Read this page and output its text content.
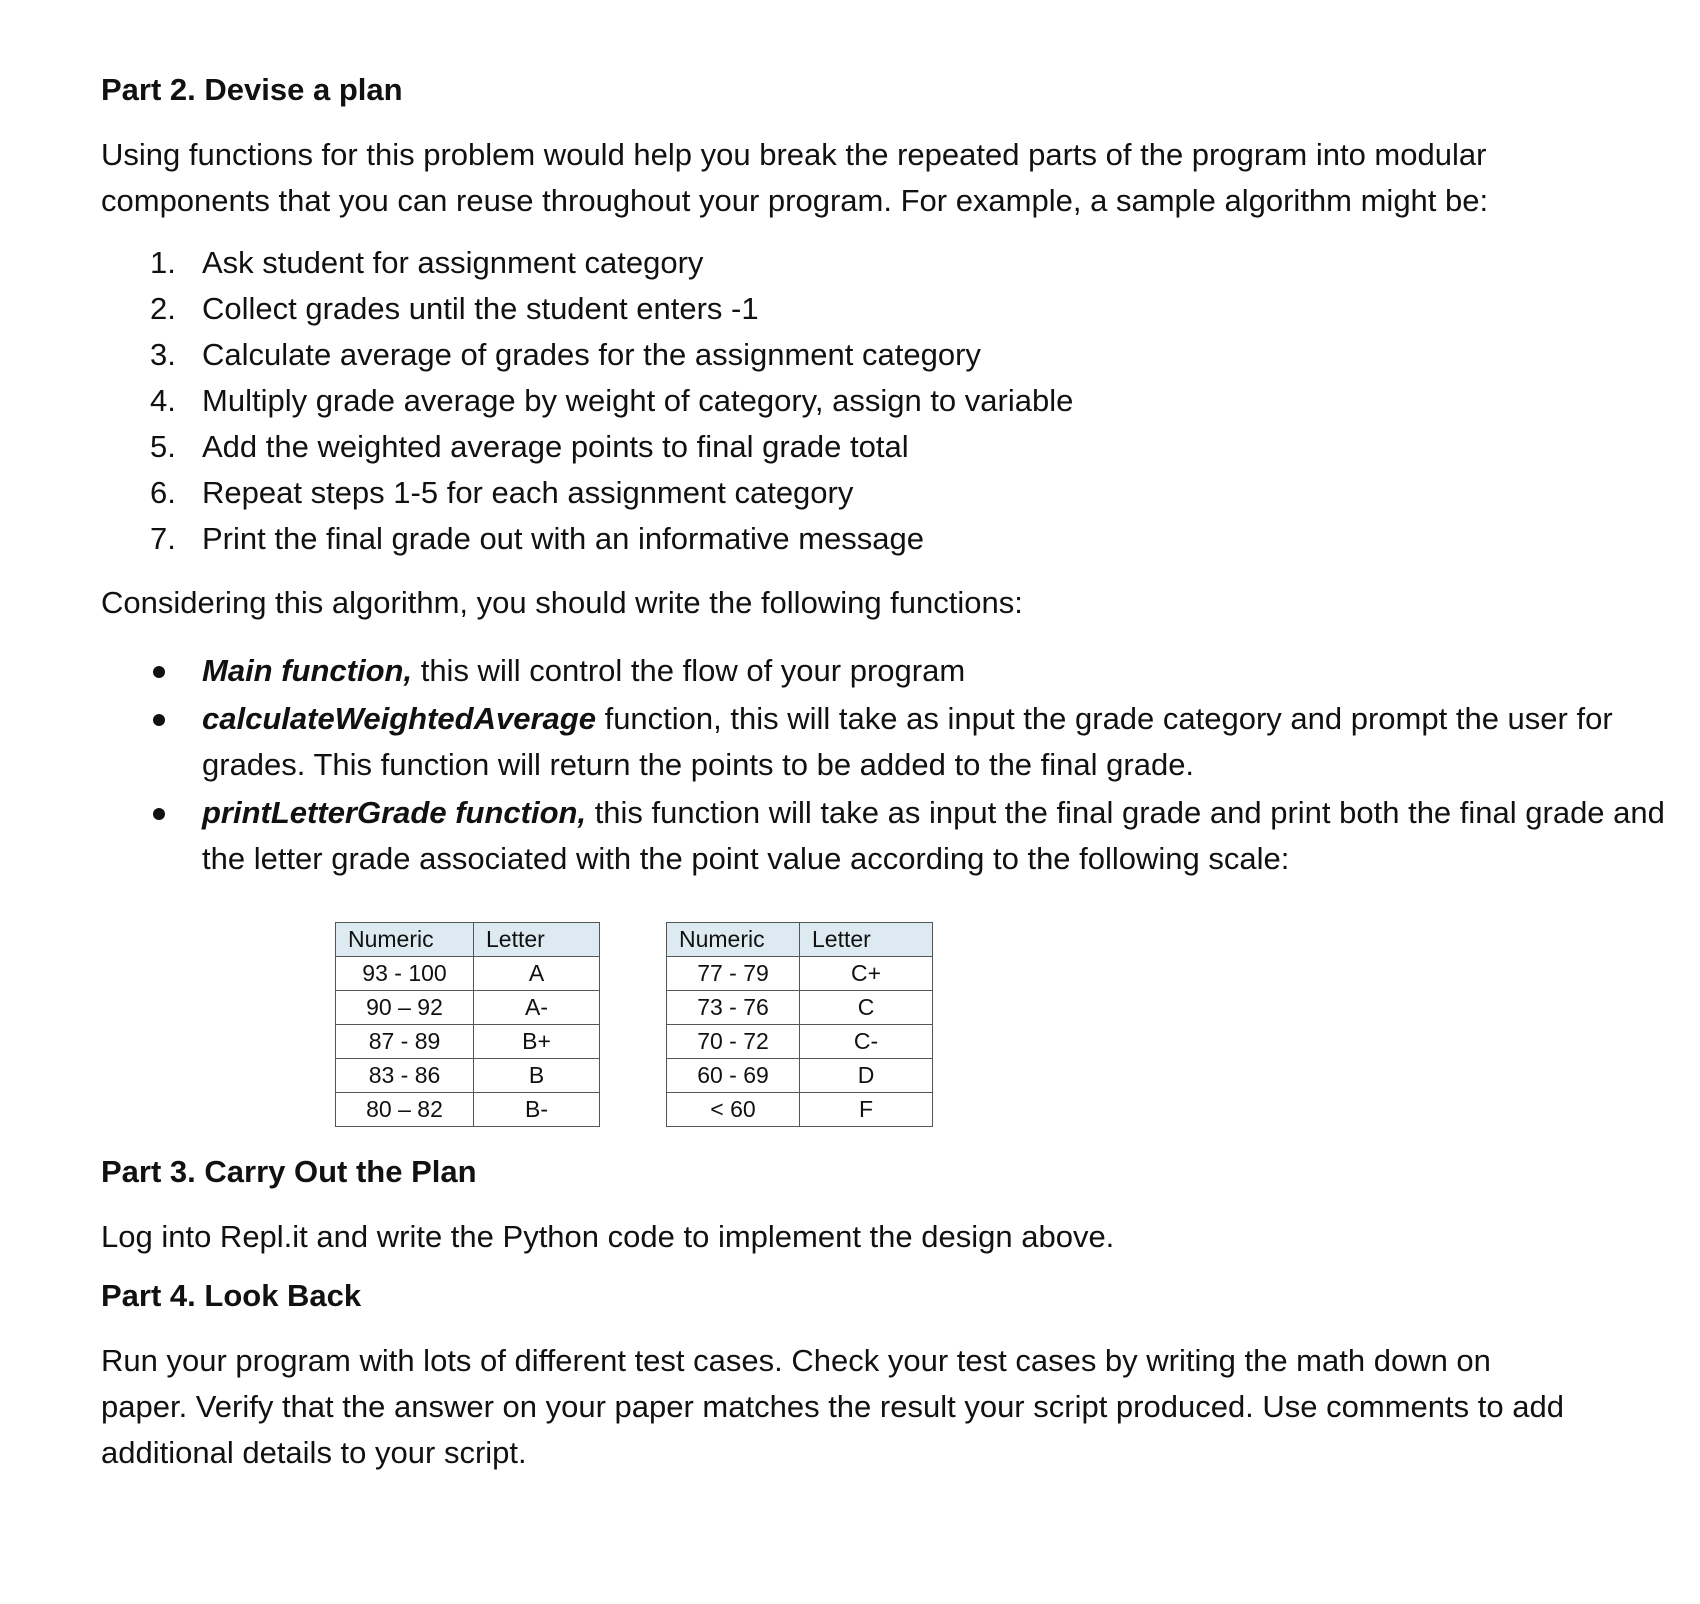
Part 2. Devise a plan

Using functions for this problem would help you break the repeated parts of the program into modular components that you can reuse throughout your program. For example, a sample algorithm might be:

1. Ask student for assignment category
2. Collect grades until the student enters -1
3. Calculate average of grades for the assignment category
4. Multiply grade average by weight of category, assign to variable
5. Add the weighted average points to final grade total
6. Repeat steps 1-5 for each assignment category
7. Print the final grade out with an informative message

Considering this algorithm, you should write the following functions:

Main function, this will control the flow of your program
calculateWeightedAverage function, this will take as input the grade category and prompt the user for grades. This function will return the points to be added to the final grade.
printLetterGrade function, this function will take as input the final grade and print both the final grade and the letter grade associated with the point value according to the following scale:
Numeric	Letter
93 - 100	A
90 – 92	A-
87 - 89	B+
83 - 86	B
80 – 82	B-
Numeric	Letter
77 - 79	C+
73 - 76	C
70 - 72	C-
60 - 69	D
< 60	F
Part 3. Carry Out the Plan

Log into Repl.it and write the Python code to implement the design above.

Part 4. Look Back

Run your program with lots of different test cases. Check your test cases by writing the math down on paper. Verify that the answer on your paper matches the result your script produced. Use comments to add additional details to your script.
